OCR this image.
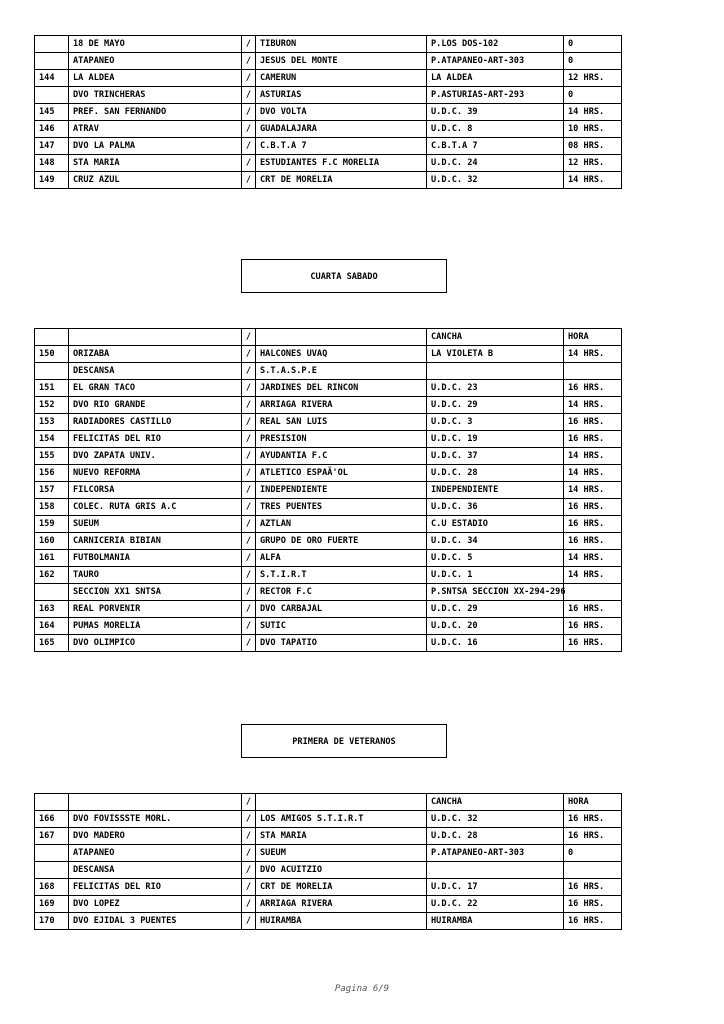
	18 DE MAYO	/	TIBURON	P.LOS DOS-102	0
	ATAPANEO	/	JESUS DEL MONTE	P.ATAPANEO-ART-303	0
144	LA ALDEA	/	CAMERUN	LA ALDEA	12 HRS.
	DVO TRINCHERAS	/	ASTURIAS	P.ASTURIAS-ART-293	0
145	PREF. SAN FERNANDO	/	DVO VOLTA	U.D.C. 39	14 HRS.
146	ATRAV	/	GUADALAJARA	U.D.C. 8	10 HRS.
147	DVO LA PALMA	/	C.B.T.A 7	C.B.T.A 7	08 HRS.
148	STA MARIA	/	ESTUDIANTES F.C MORELIA	U.D.C. 24	12 HRS.
149	CRUZ AZUL	/	CRT DE MORELIA	U.D.C. 32	14 HRS.
CUARTA SABADO
		/		CANCHA	HORA
150	ORIZABA	/	HALCONES UVAQ	LA VIOLETA B	14 HRS.
	DESCANSA	/	S.T.A.S.P.E		
151	EL GRAN TACO	/	JARDINES DEL RINCON	U.D.C. 23	16 HRS.
152	DVO RIO GRANDE	/	ARRIAGA RIVERA	U.D.C. 29	14 HRS.
153	RADIADORES CASTILLO	/	REAL SAN LUIS	U.D.C. 3	16 HRS.
154	FELICITAS DEL RIO	/	PRESISION	U.D.C. 19	16 HRS.
155	DVO ZAPATA UNIV.	/	AYUDANTIA F.C	U.D.C. 37	14 HRS.
156	NUEVO REFORMA	/	ATLETICO ESPAÃ'OL	U.D.C. 28	14 HRS.
157	FILCORSA	/	INDEPENDIENTE	INDEPENDIENTE	14 HRS.
158	COLEC. RUTA GRIS A.C	/	TRES PUENTES	U.D.C. 36	16 HRS.
159	SUEUM	/	AZTLAN	C.U ESTADIO	16 HRS.
160	CARNICERIA BIBIAN	/	GRUPO DE ORO FUERTE	U.D.C. 34	16 HRS.
161	FUTBOLMANIA	/	ALFA	U.D.C. 5	14 HRS.
162	TAURO	/	S.T.I.R.T	U.D.C. 1	14 HRS.
	SECCION XX1 SNTSA	/	RECTOR F.C	P.SNTSA SECCION XX-294-296	
163	REAL PORVENIR	/	DVO CARBAJAL	U.D.C. 29	16 HRS.
164	PUMAS MORELIA	/	SUTIC	U.D.C. 20	16 HRS.
165	DVO OLIMPICO	/	DVO TAPATIO	U.D.C. 16	16 HRS.
PRIMERA DE VETERANOS
		/		CANCHA	HORA
166	DVO FOVISSSTE MORL.	/	LOS AMIGOS S.T.I.R.T	U.D.C. 32	16 HRS.
167	DVO MADERO	/	STA MARIA	U.D.C. 28	16 HRS.
	ATAPANEO	/	SUEUM	P.ATAPANEO-ART-303	0
	DESCANSA	/	DVO ACUITZIO		
168	FELICITAS DEL RIO	/	CRT DE MORELIA	U.D.C. 17	16 HRS.
169	DVO LOPEZ	/	ARRIAGA RIVERA	U.D.C. 22	16 HRS.
170	DVO EJIDAL 3 PUENTES	/	HUIRAMBA	HUIRAMBA	16 HRS.
Pagina 6/9
